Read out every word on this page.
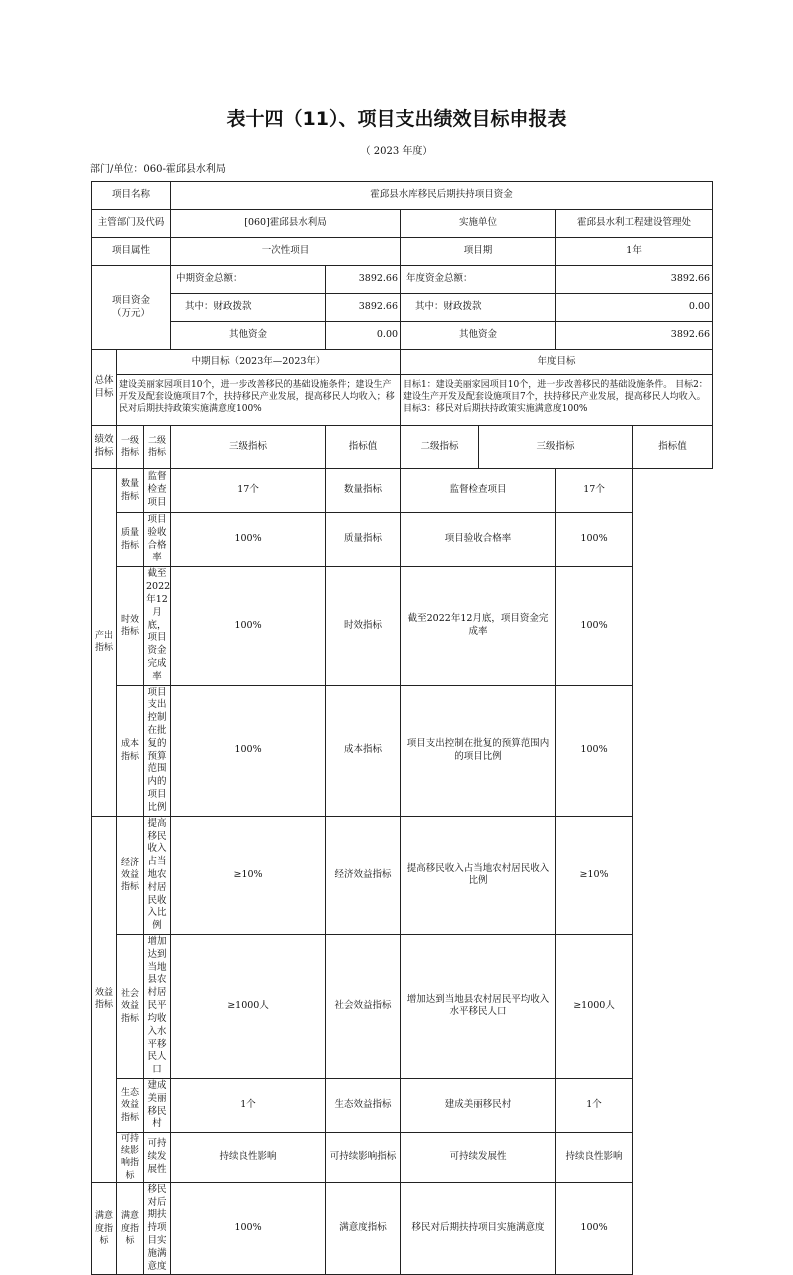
表十四（11）、项目支出绩效目标申报表
（ 2023 年度）
部门/单位：060-霍邱县水利局
项目名称			霍邱县水库移民后期扶持项目资金					
主管部门及代码			[060]霍邱县水利局		实施单位		霍邱县水利工程建设管理处	
项目属性			一次性项目		项目期		1年	
项目资金
（万元）			中期资金总额：	3892.66	年度资金总额：		3892.66	
			其中：财政拨款	3892.66	其中：财政拨款		0.00	
			其他资金	0.00	其他资金		3892.66	
总体目标	中期目标（2023年—2023年）				年度目标			
	建设美丽家园项目10个，进一步改善移民的基础设施条件；建设生产开发及配套设施项目7个，扶持移民产业发展，提高移民人均收入；移民对后期扶持政策实施满意度100%				目标1：建设美丽家园项目10个，进一步改善移民的基础设施条件。 目标2：建设生产开发及配套设施项目7个，扶持移民产业发展，提高移民人均收入。 目标3：移民对后期扶持政策实施满意度100%			
绩效指标	一级指标	二级指标	三级指标	指标值	二级指标	三级指标		指标值
产出指标	数量指标	监督检查项目	17个	数量指标	监督检查项目		17个	
	质量指标	项目验收合格率	100%	质量指标	项目验收合格率		100%	
	时效指标	截至2022年12月底，项目资金完成率	100%	时效指标	截至2022年12月底，项目资金完成率		100%	
	成本指标	项目支出控制在批复的预算范围内的项目比例	100%	成本指标	项目支出控制在批复的预算范围内的项目比例		100%	
效益指标	经济效益指标	提高移民收入占当地农村居民收入比例	≥10%	经济效益指标	提高移民收入占当地农村居民收入比例		≥10%	
	社会效益指标	增加达到当地县农村居民平均收入水平移民人口	≥1000人	社会效益指标	增加达到当地县农村居民平均收入水平移民人口		≥1000人	
	生态效益指标	建成美丽移民村	1个	生态效益指标	建成美丽移民村		1个	
	可持续影响指标	可持续发展性	持续良性影响	可持续影响指标	可持续发展性		持续良性影响	
满意度指标	满意度指标	移民对后期扶持项目实施满意度	100%	满意度指标	移民对后期扶持项目实施满意度		100%	
